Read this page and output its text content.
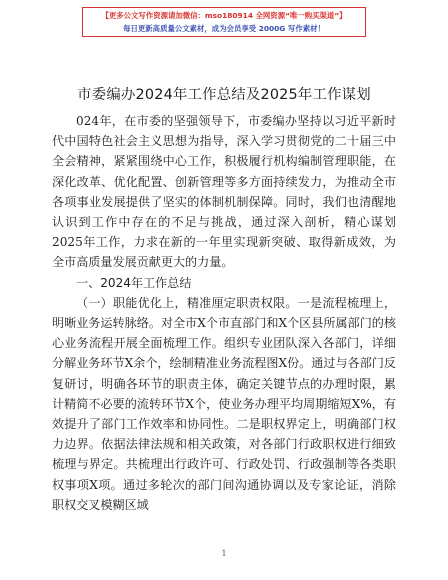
【更多公文写作资源请加微信：mso180914 全网资源“唯一购买渠道”】
每日更新高质量公文素材，成为会员享受 2000G 写作素材！
市委编办2024年工作总结及2025年工作谋划

024年，在市委的坚强领导下，市委编办坚持以习近平新时代中国特色社会主义思想为指导，深入学习贯彻党的二十届三中全会精神，紧紧围绕中心工作，积极履行机构编制管理职能，在深化改革、优化配置、创新管理等多方面持续发力，为推动全市各项事业发展提供了坚实的体制机制保障。同时，我们也清醒地认识到工作中存在的不足与挑战，通过深入剖析，精心谋划2025年工作，力求在新的一年里实现新突破、取得新成效，为全市高质量发展贡献更大的力量。

一、2024年工作总结

（一）职能优化上，精准厘定职责权限。一是流程梳理上，明晰业务运转脉络。对全市X个市直部门和X个区县所属部门的核心业务流程开展全面梳理工作。组织专业团队深入各部门，详细分解业务环节X余个，绘制精准业务流程图X份。通过与各部门反复研讨，明确各环节的职责主体，确定关键节点的办理时限，累计精简不必要的流转环节X个，使业务办理平均周期缩短X%，有效提升了部门工作效率和协同性。二是职权界定上，明确部门权力边界。依据法律法规和相关政策，对各部门行政职权进行细致梳理与界定。共梳理出行政许可、行政处罚、行政强制等各类职权事项X项。通过多轮次的部门间沟通协调以及专家论证，消除职权交叉模糊区域

1
